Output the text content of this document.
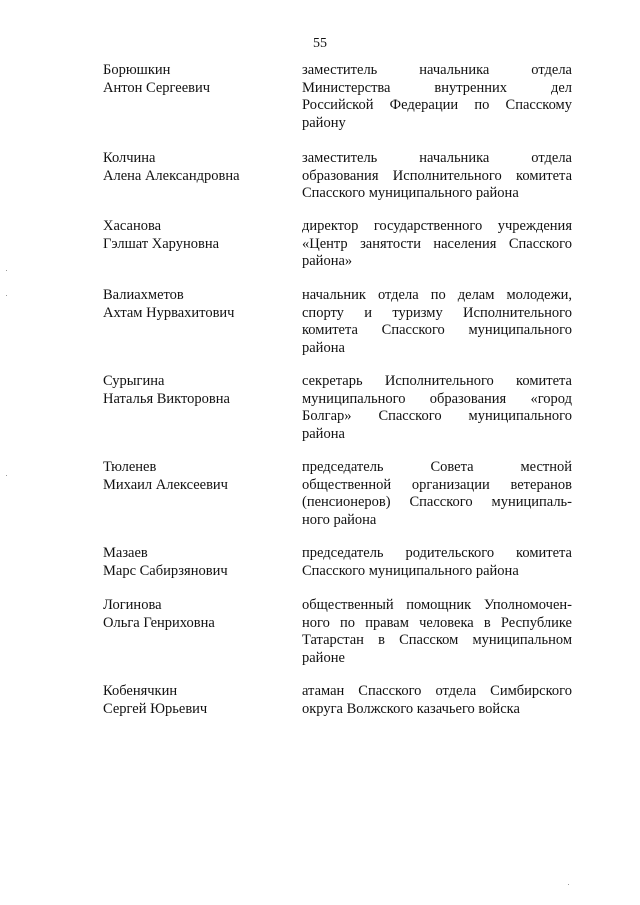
55
Борюшкин
Антон Сергеевич
заместитель начальника отдела
Министерства внутренних дел
Российской Федерации по Спасскому
району
Колчина
Алена Александровна
заместитель начальника отдела
образования Исполнительного комитета
Спасского муниципального района
Хасанова
Гэлшат Харуновна
директор государственного учреждения
«Центр занятости населения Спасского
района»
Валиахметов
Ахтам Нурвахитович
начальник отдела по делам молодежи,
спорту и туризму Исполнительного
комитета Спасского муниципального
района
Сурыгина
Наталья Викторовна
секретарь Исполнительного комитета
муниципального образования «город
Болгар» Спасского муниципального
района
Тюленев
Михаил Алексеевич
председатель Совета местной
общественной организации ветеранов
(пенсионеров) Спасского муниципаль-
ного района
Мазаев
Марс Сабирзянович
председатель родительского комитета
Спасского муниципального района
Логинова
Ольга Генриховна
общественный помощник Уполномочен-
ного по правам человека в Республике
Татарстан в Спасском муниципальном
районе
Кобенячкин
Сергей Юрьевич
атаман Спасского отдела Симбирского
округа Волжского казачьего войска
